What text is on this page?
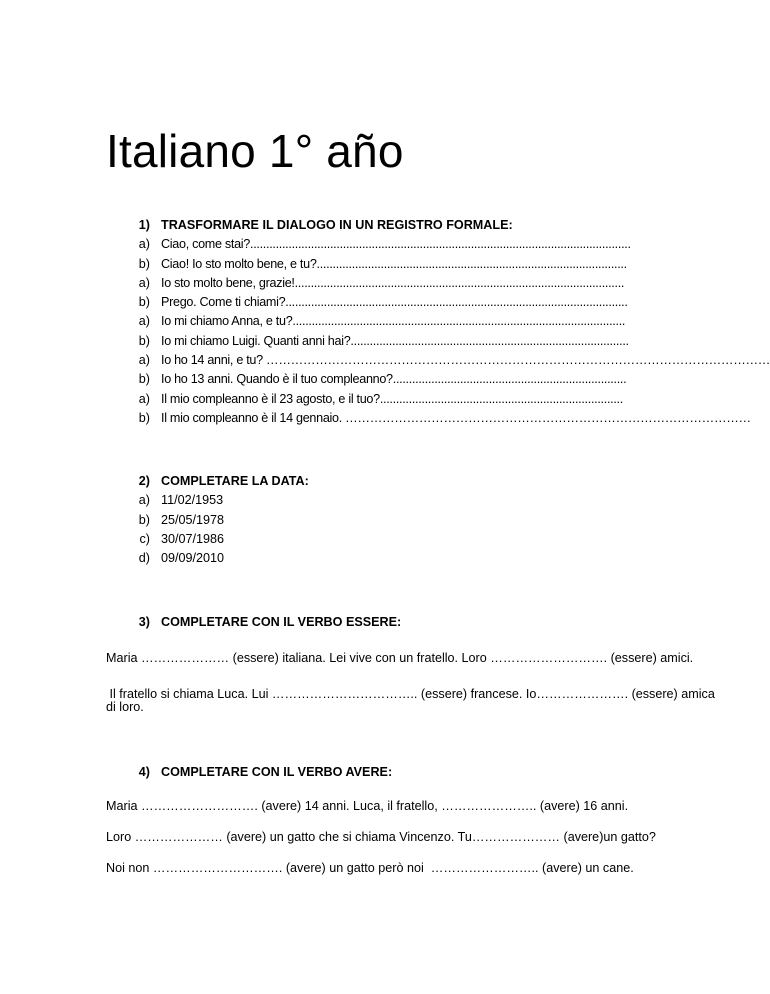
Italiano 1° año
1) TRASFORMARE IL DIALOGO IN UN REGISTRO FORMALE:
a) Ciao, come stai?.......................................................................................................................
b) Ciao! Io sto molto bene, e tu?.................................................................................................
a) Io sto molto bene, grazie!.......................................................................................................
b) Prego. Come ti chiami?...........................................................................................................
a) Io mi chiamo Anna, e tu?........................................................................................................
b) Io mi chiamo Luigi. Quanti anni hai?.......................................................................................
a) Io ho 14 anni, e tu? ……………………………………………………………………………………………………………
b) Io ho 13 anni. Quando è il tuo compleanno?.........................................................................
a) Il mio compleanno è il 23 agosto, e il tuo?............................................................................
b) Il mio compleanno è il 14 gennaio. ………………………………………………………………………………………
2) COMPLETARE LA DATA:
a) 11/02/1953
b) 25/05/1978
c) 30/07/1986
d) 09/09/2010
3) COMPLETARE CON IL VERBO ESSERE:

Maria ………………… (essere) italiana. Lei vive con un fratello. Loro ………………………. (essere) amici.

Il fratello si chiama Luca. Lui …………………………….. (essere) francese. Io…………………. (essere) amica

di loro.

4) COMPLETARE CON IL VERBO AVERE:

Maria ………………………. (avere) 14 anni. Luca, il fratello, ………………….. (avere) 16 anni.

Loro ………………… (avere) un gatto che si chiama Vincenzo. Tu………………… (avere)un gatto?

Noi non …………………………. (avere) un gatto però noi  …………………….. (avere) un cane.
